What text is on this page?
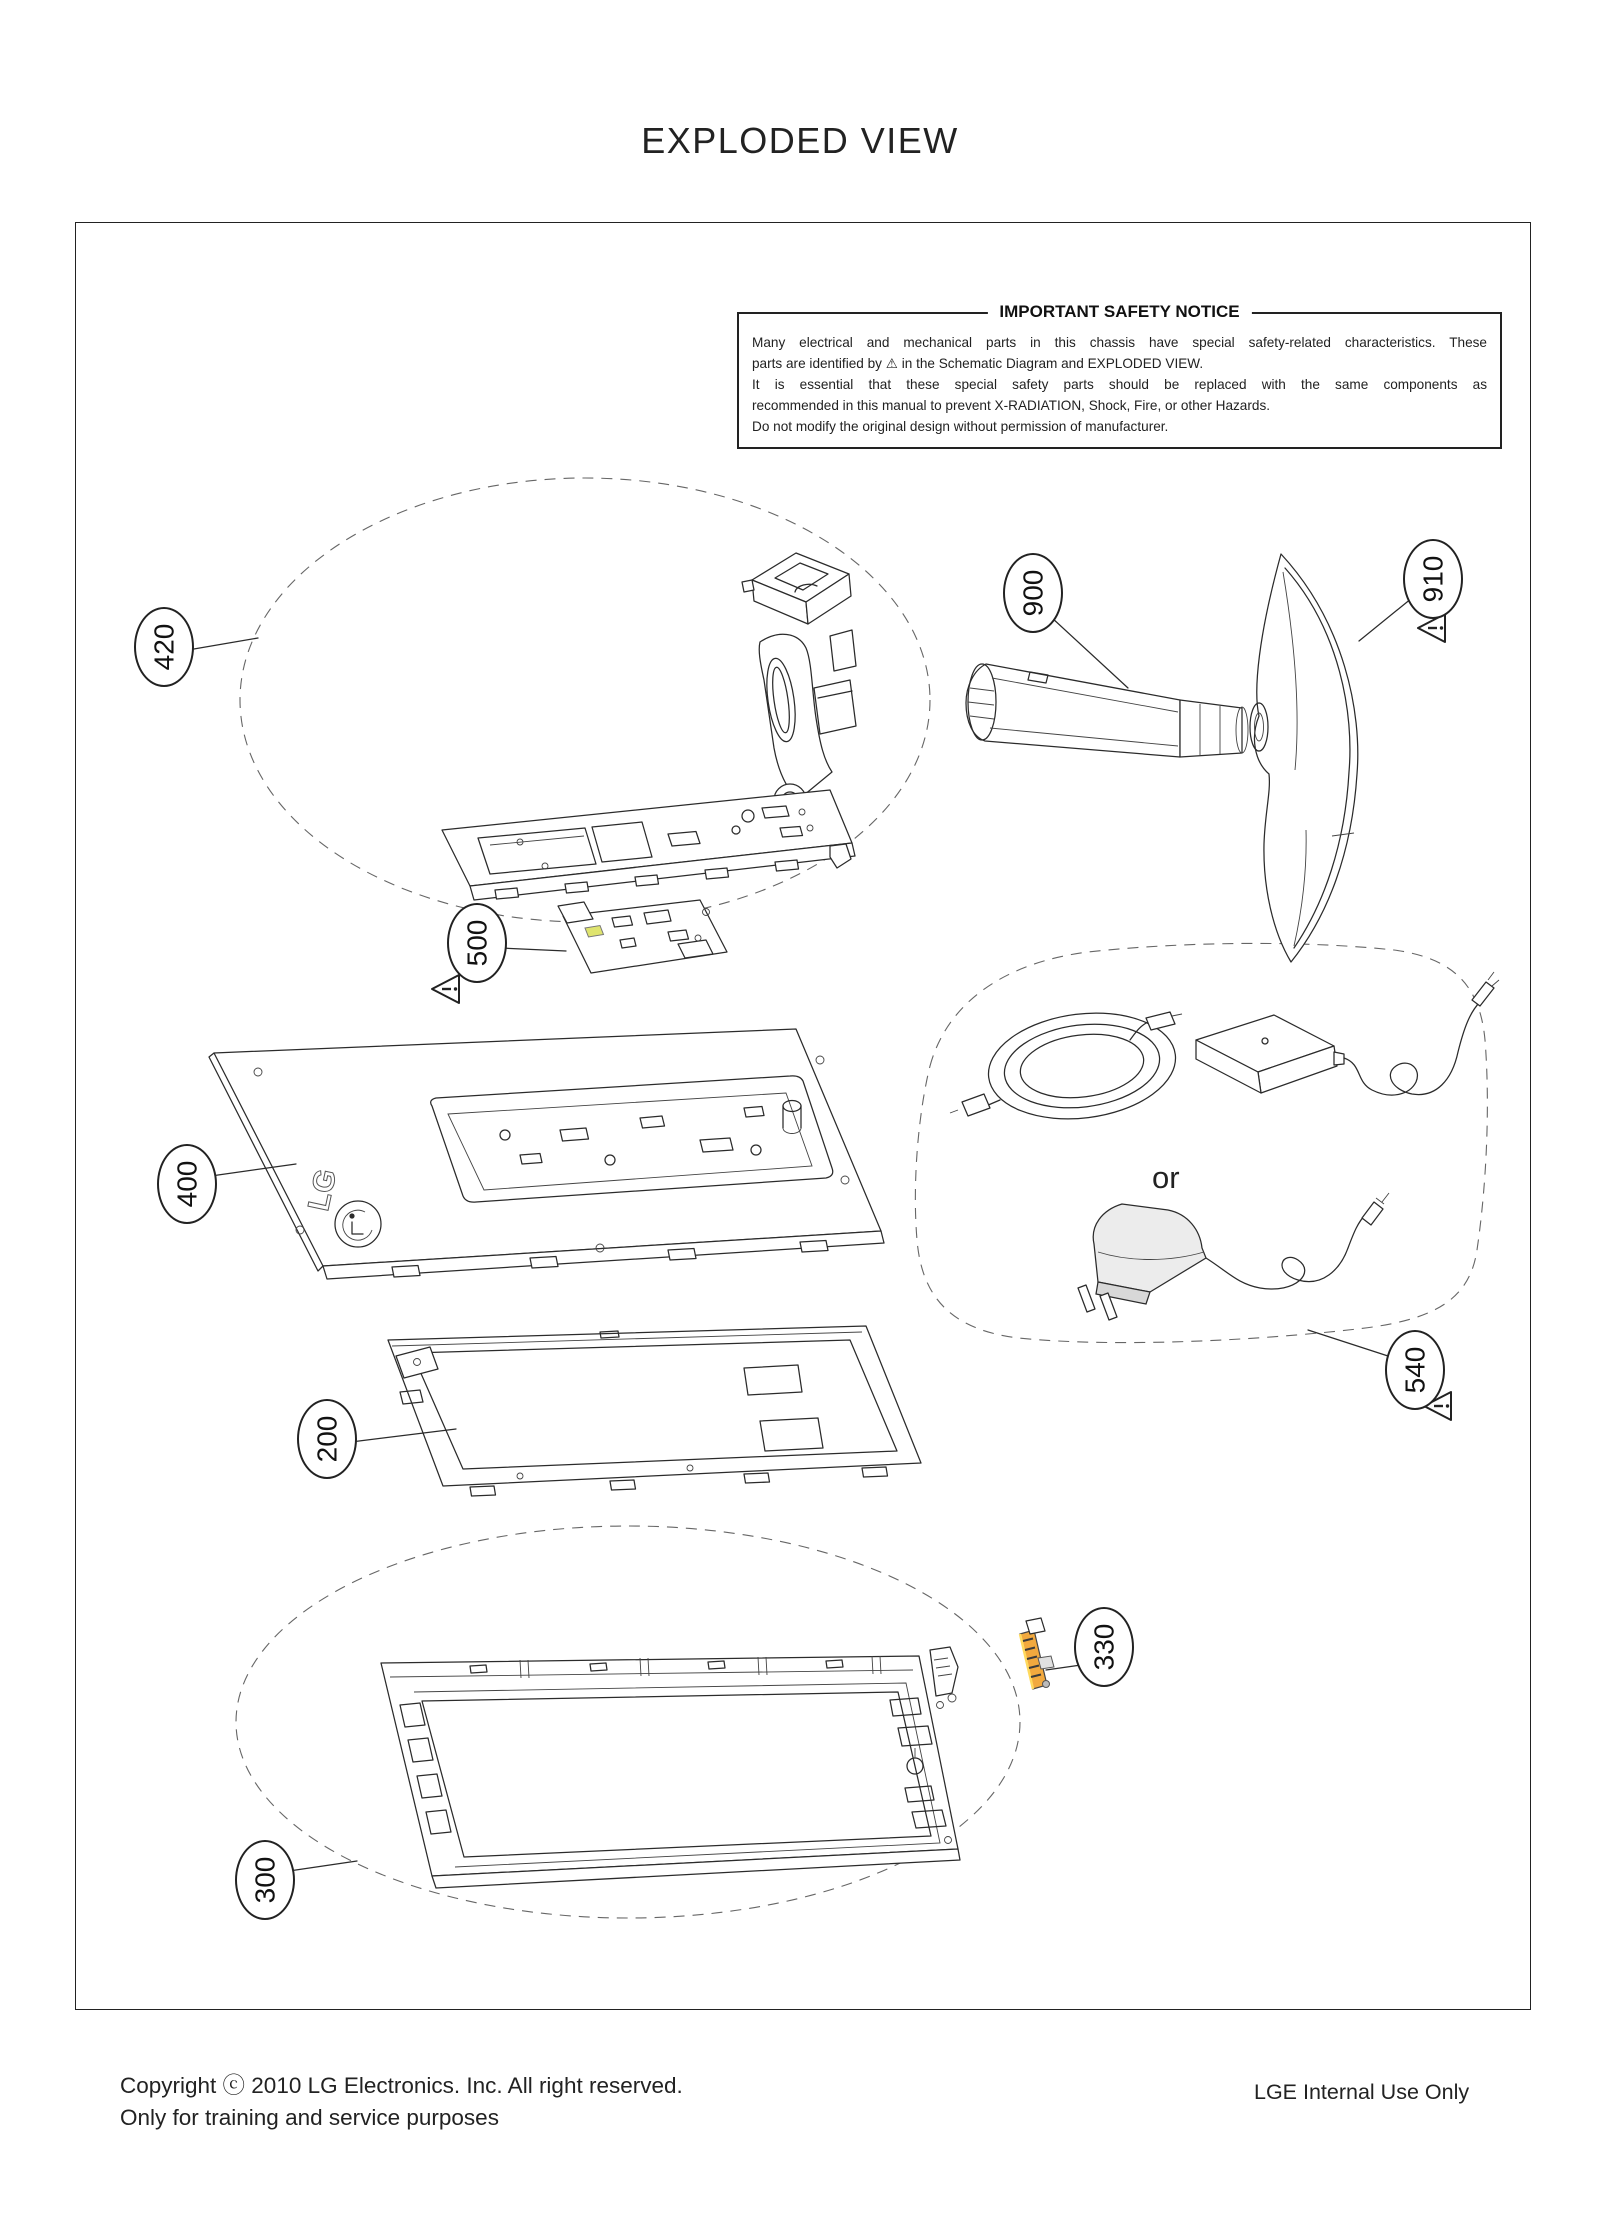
EXPLODED VIEW
LG
IMPORTANT SAFETY NOTICE
Many electrical and mechanical parts in this chassis have special safety-related characteristics. These
parts are identified by ⚠ in the Schematic Diagram and EXPLODED VIEW.
It is essential that these special safety parts should be replaced with the same components as
recommended in this manual to prevent X-RADIATION, Shock, Fire, or other Hazards.
Do not modify the original design without permission of manufacturer.
420
900	910
500
400
200
300
330
540
or
Copyright ⓒ 2010 LG Electronics. Inc. All right reserved.
Only for training and service purposes
LGE Internal Use Only
